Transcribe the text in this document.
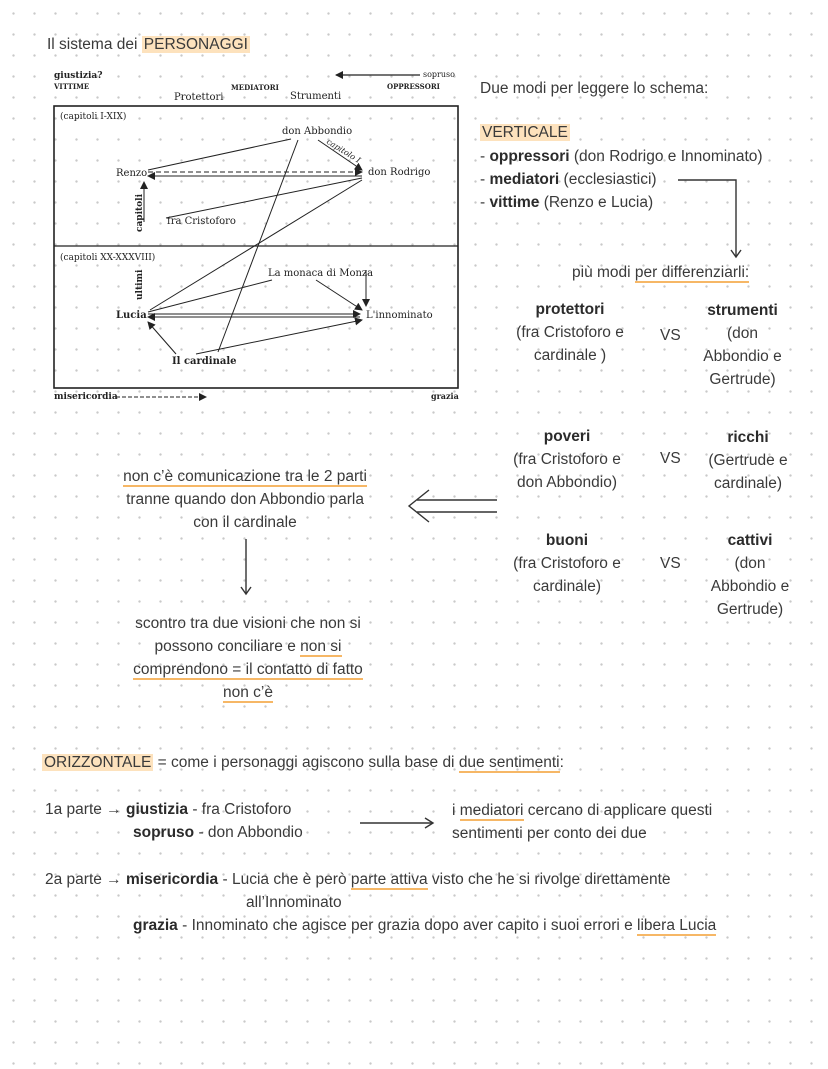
Il sistema dei PERSONAGGI
giustizia?
VITTIME	MEDIATORI
sopruso
OPPRESSORI
Protettori	Strumenti
(capitoli I-XIX)
(capitoli XX-XXXVIII)
don Abbondio
capitolo I
don Rodrigo
Renzo
capitoli fra Cristoforo
La monaca di Monza
ultimi
Lucia	L'innominato
Il cardinale
misericordia	grazia
Due modi per leggere lo schema:
VERTICALE
- oppressori (don Rodrigo e Innominato)
- mediatori (ecclesiastici)
- vittime (Renzo e Lucia)
più modi per differenziarli:
protettori
(fra Cristoforo e
cardinale )
VS
strumenti
(don
Abbondio e
Gertrude)
poveri
(fra Cristoforo e
don Abbondio)
VS
ricchi
(Gertrude e
cardinale)
buoni
(fra Cristoforo e
cardinale)
VS
cattivi
(don
Abbondio e
Gertrude)
non c’è comunicazione tra le 2 parti
tranne quando don Abbondio parla
con il cardinale
scontro tra due visioni che non si
possono conciliare e non si
comprendono = il contatto di fatto
non c’è
ORIZZONTALE = come i personaggi agiscono sulla base di due sentimenti:
1a parte → giustizia - fra Cristoforo
sopruso - don Abbondio
i mediatori cercano di applicare questi
sentimenti per conto dei due
2a parte → misericordia - Lucia che è però parte attiva visto che he si rivolge direttamente
all’Innominato
grazia - Innominato che agisce per grazia dopo aver capito i suoi errori e libera Lucia
